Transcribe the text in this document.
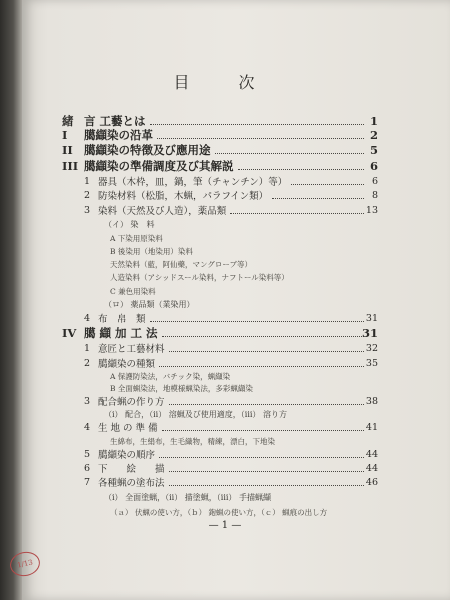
目 次
緒 言 工藝とは	1
I 臈纈染の沿革	2
II 臈纈染の特徴及び應用途	5
III 臈纈染の準備調度及び其解説	6
1 器具（木枠，皿，鍋，筆（チャンチン）等）	6
2 防染材料（松脂，木蝋，パラフイン類）	8
3 染料（天然及び人造），薬品類	13
（イ） 染　料
A 下染用原染料
B 後染用（地染用）染料
天然染料（藍，阿仙藥，マングローブ等）
人造染料（アシッドスール染料，ナフトール染料等）
C 兼色用染料
（ロ） 薬品類（業染用）
4 布　帛　類	31
IV 臈 纈 加 工 法	31
1 意匠と工藝材料	32
2 臈纈染の種類	35
A 保護防染法，バチック染，蝋纈染
B 全面蝋染法，地模様蝋染法，多彩蝋纈染
3 配合蝋の作り方	38
（i） 配合，（ii） 溶蝋及び使用適度，（iii） 溶り方
4 生 地 の 準 備	41
生綿布，生絹布，生毛織物，精練，漂白，下地染
5 臈纈染の順序	44
6 下　　絵　　描	44
7 各種蝋の塗布法	46
（i） 全面塗蝋，（ii） 描塗蝋，（iii） 手描蝋纈
（ａ） 伏蝋の使い方，（ｂ） 鉋蝋の使い方，（ｃ） 蝋痕の出し方
— 1 —
1/13
